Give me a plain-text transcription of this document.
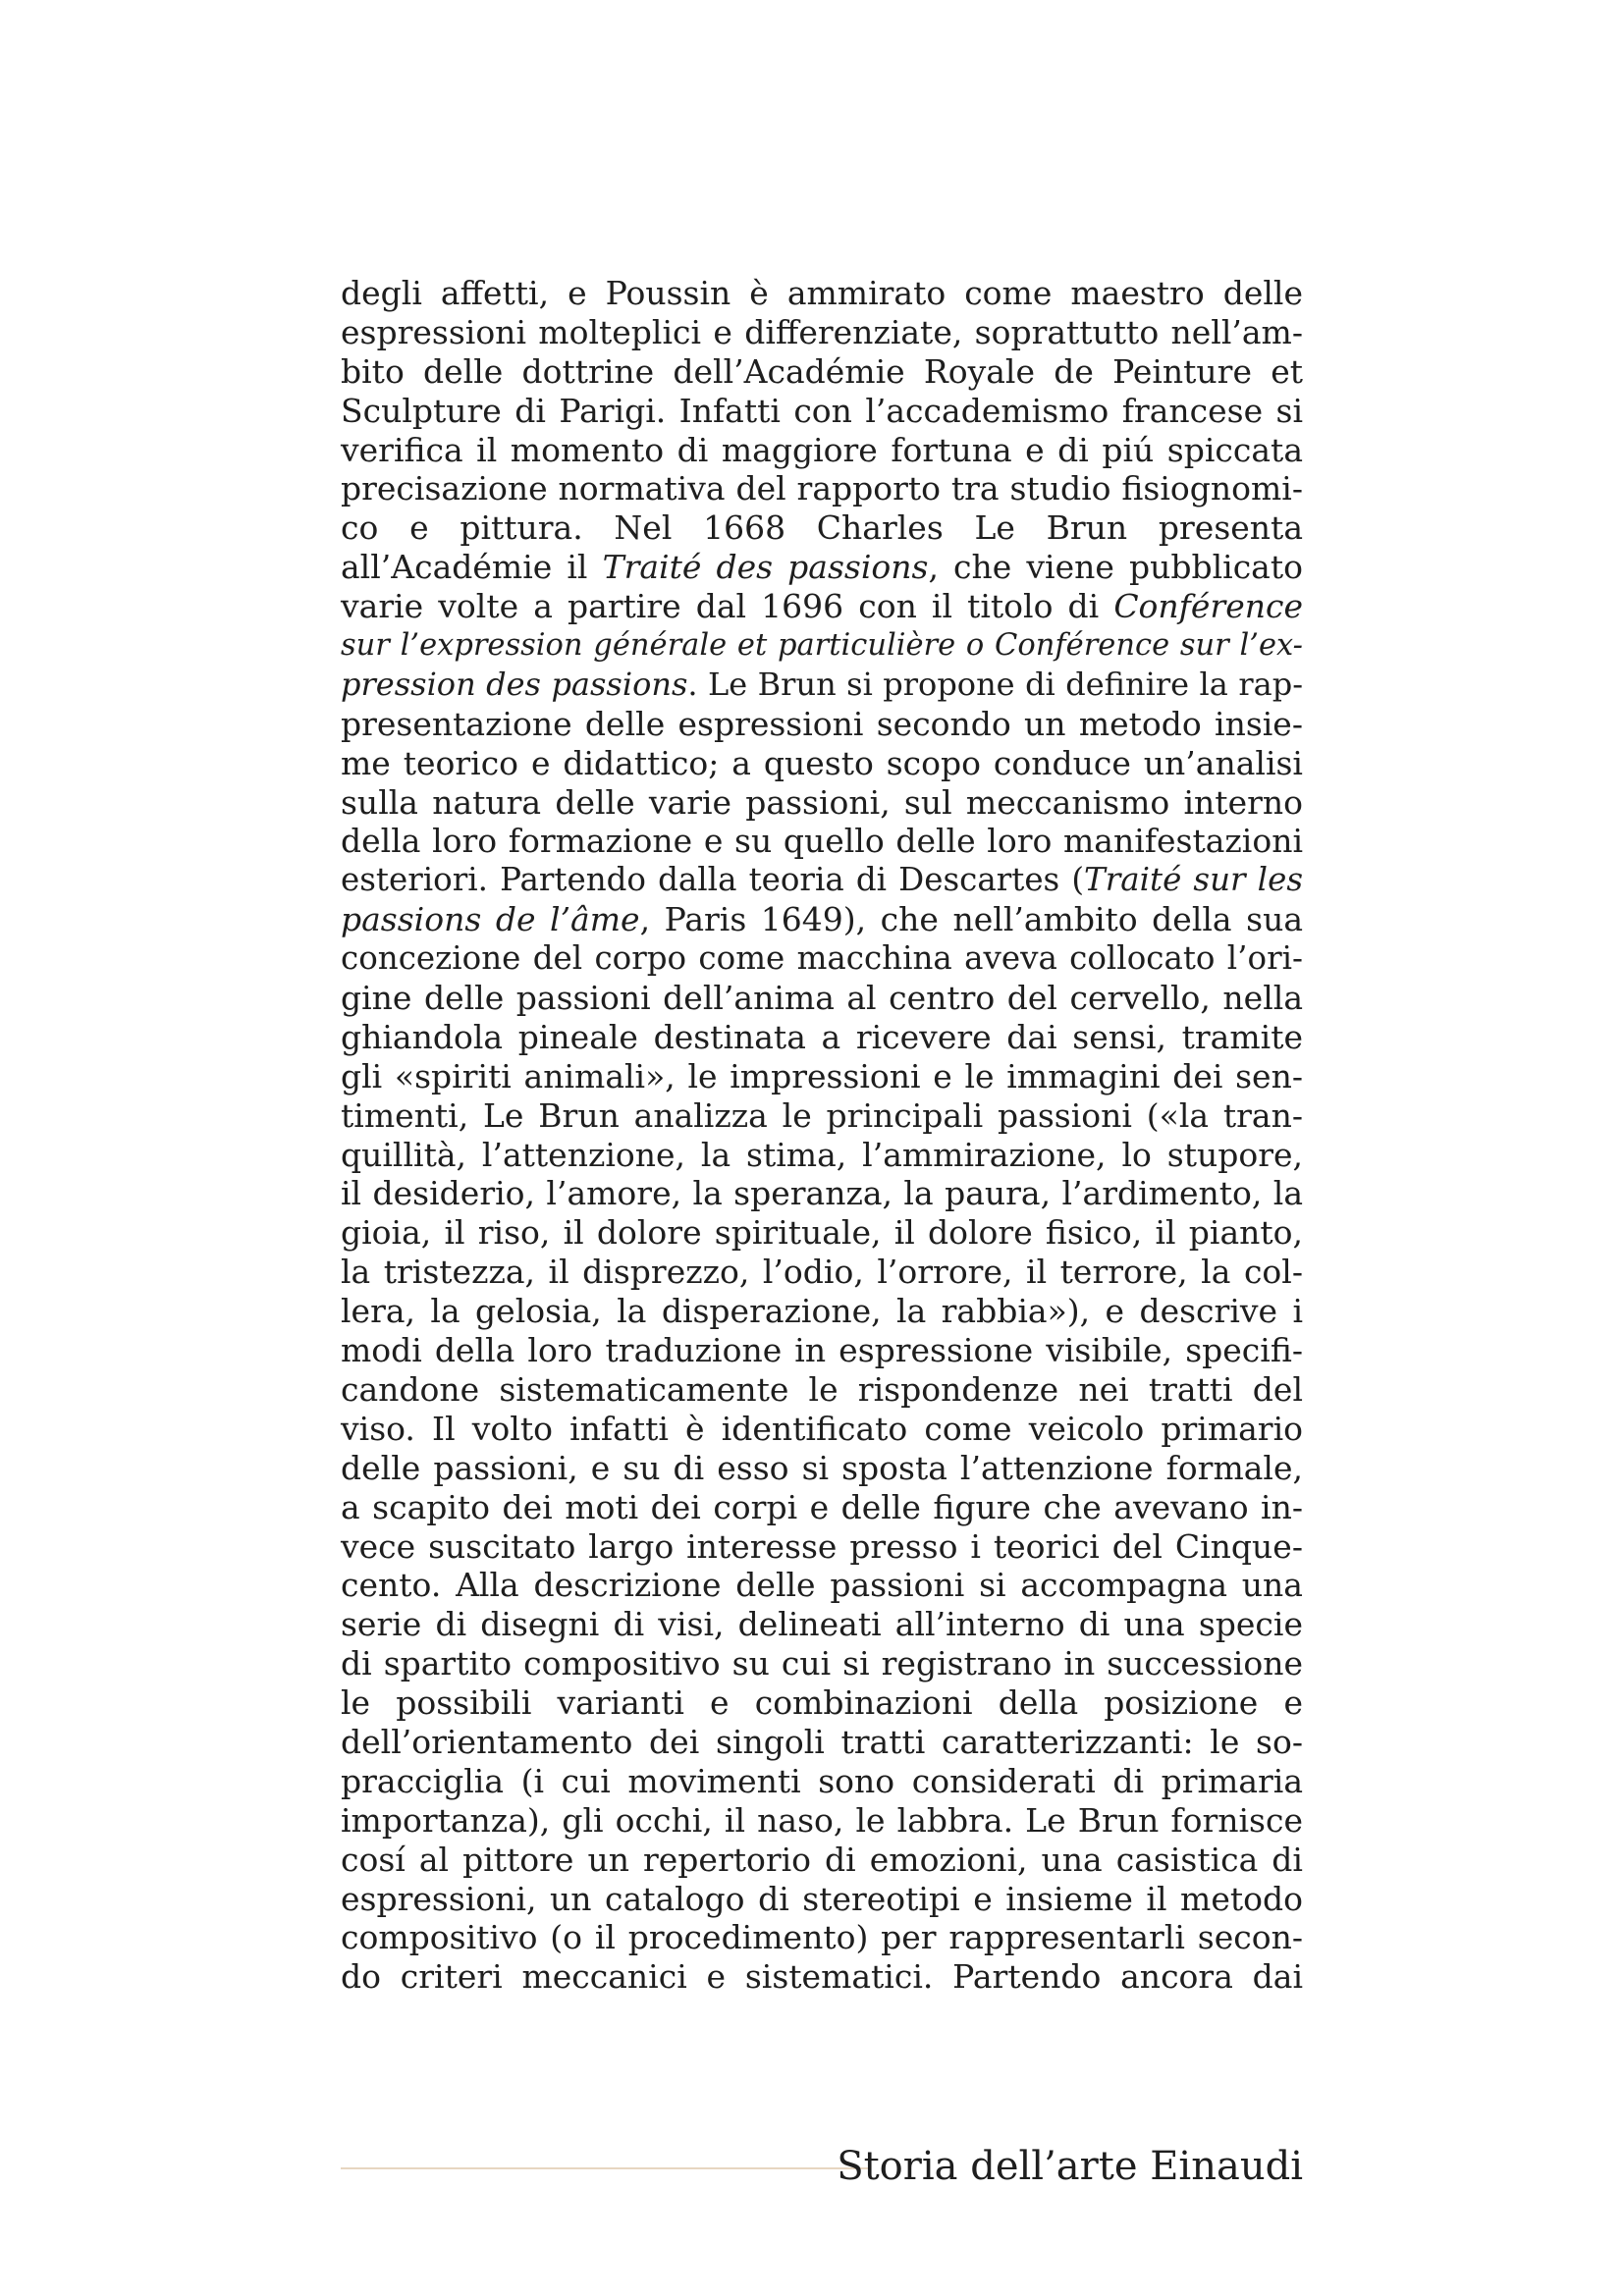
degli affetti, e Poussin è ammirato come maestro delle
espressioni molteplici e differenziate, soprattutto nell’am-
bito delle dottrine dell’Académie Royale de Peinture et
Sculpture di Parigi. Infatti con l’accademismo francese si
verifica il momento di maggiore fortuna e di piú spiccata
precisazione normativa del rapporto tra studio fisiognomi-
co e pittura. Nel 1668 Charles Le Brun presenta
all’Académie il Traité des passions, che viene pubblicato
varie volte a partire dal 1696 con il titolo di Conférence
sur l’expression générale et particulière o Conférence sur l’ex-
pression des passions. Le Brun si propone di definire la rap-
presentazione delle espressioni secondo un metodo insie-
me teorico e didattico; a questo scopo conduce un’analisi
sulla natura delle varie passioni, sul meccanismo interno
della loro formazione e su quello delle loro manifestazioni
esteriori. Partendo dalla teoria di Descartes (Traité sur les
passions de l’âme, Paris 1649), che nell’ambito della sua
concezione del corpo come macchina aveva collocato l’ori-
gine delle passioni dell’anima al centro del cervello, nella
ghiandola pineale destinata a ricevere dai sensi, tramite
gli «spiriti animali», le impressioni e le immagini dei sen-
timenti, Le Brun analizza le principali passioni («la tran-
quillità, l’attenzione, la stima, l’ammirazione, lo stupore,
il desiderio, l’amore, la speranza, la paura, l’ardimento, la
gioia, il riso, il dolore spirituale, il dolore fisico, il pianto,
la tristezza, il disprezzo, l’odio, l’orrore, il terrore, la col-
lera, la gelosia, la disperazione, la rabbia»), e descrive i
modi della loro traduzione in espressione visibile, specifi-
candone sistematicamente le rispondenze nei tratti del
viso. Il volto infatti è identificato come veicolo primario
delle passioni, e su di esso si sposta l’attenzione formale,
a scapito dei moti dei corpi e delle figure che avevano in-
vece suscitato largo interesse presso i teorici del Cinque-
cento. Alla descrizione delle passioni si accompagna una
serie di disegni di visi, delineati all’interno di una specie
di spartito compositivo su cui si registrano in successione
le possibili varianti e combinazioni della posizione e
dell’orientamento dei singoli tratti caratterizzanti: le so-
pracciglia (i cui movimenti sono considerati di primaria
importanza), gli occhi, il naso, le labbra. Le Brun fornisce
cosí al pittore un repertorio di emozioni, una casistica di
espressioni, un catalogo di stereotipi e insieme il metodo
compositivo (o il procedimento) per rappresentarli secon-
do criteri meccanici e sistematici. Partendo ancora dai
Storia dell’arte Einaudi
